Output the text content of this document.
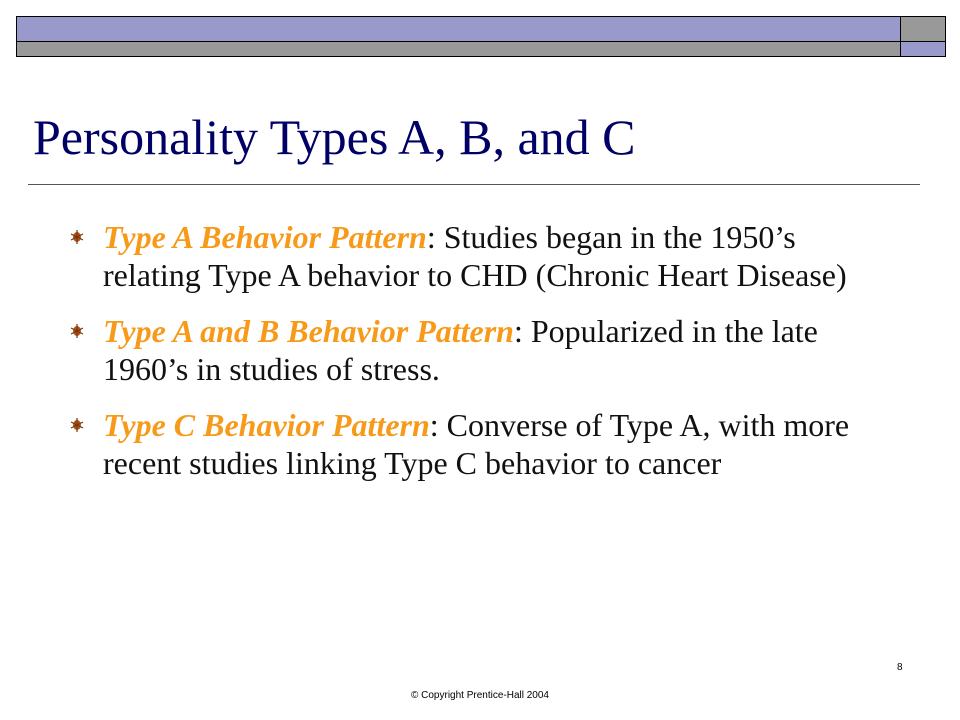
Personality Types A, B, and C
Type A Behavior Pattern: Studies began in the 1950’s relating Type A behavior to CHD (Chronic Heart Disease)
Type A and B Behavior Pattern: Popularized in the late 1960’s in studies of stress.
Type C Behavior Pattern: Converse of Type A, with more recent studies linking Type C behavior to cancer
© Copyright Prentice-Hall 2004
8
